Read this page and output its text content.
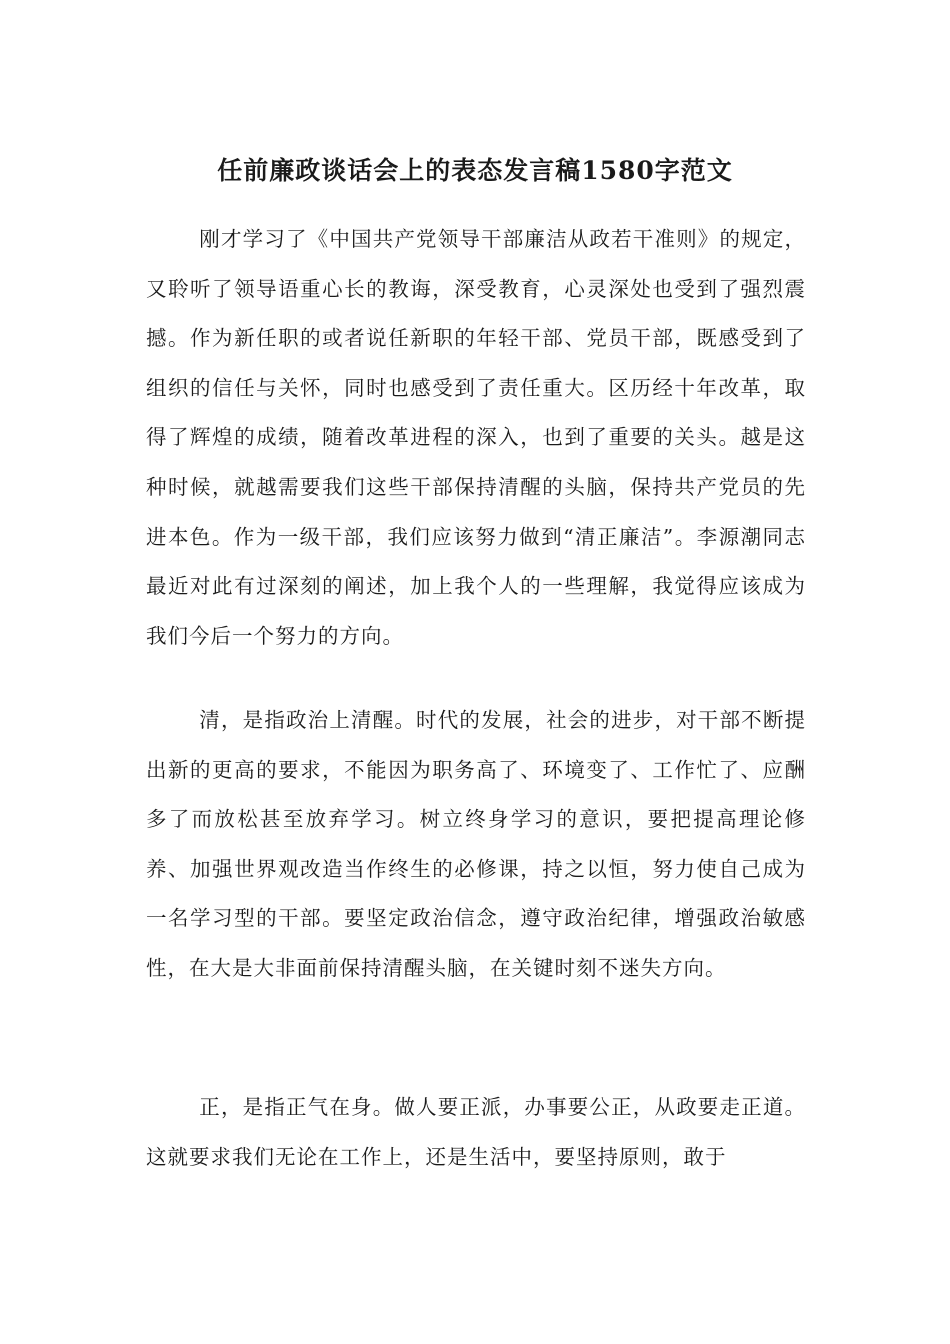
任前廉政谈话会上的表态发言稿1580字范文

刚才学习了《中国共产党领导干部廉洁从政若干准则》的规定，又聆听了领导语重心长的教诲，深受教育，心灵深处也受到了强烈震撼。作为新任职的或者说任新职的年轻干部、党员干部，既感受到了组织的信任与关怀，同时也感受到了责任重大。区历经十年改革，取得了辉煌的成绩，随着改革进程的深入，也到了重要的关头。越是这种时候，就越需要我们这些干部保持清醒的头脑，保持共产党员的先进本色。作为一级干部，我们应该努力做到“清正廉洁”。李源潮同志最近对此有过深刻的阐述，加上我个人的一些理解，我觉得应该成为我们今后一个努力的方向。

清，是指政治上清醒。时代的发展，社会的进步，对干部不断提出新的更高的要求，不能因为职务高了、环境变了、工作忙了、应酬多了而放松甚至放弃学习。树立终身学习的意识，要把提高理论修养、加强世界观改造当作终生的必修课，持之以恒，努力使自己成为一名学习型的干部。要坚定政治信念，遵守政治纪律，增强政治敏感性，在大是大非面前保持清醒头脑，在关键时刻不迷失方向。

正，是指正气在身。做人要正派，办事要公正，从政要走正道。这就要求我们无论在工作上，还是生活中，要坚持原则，敢于
